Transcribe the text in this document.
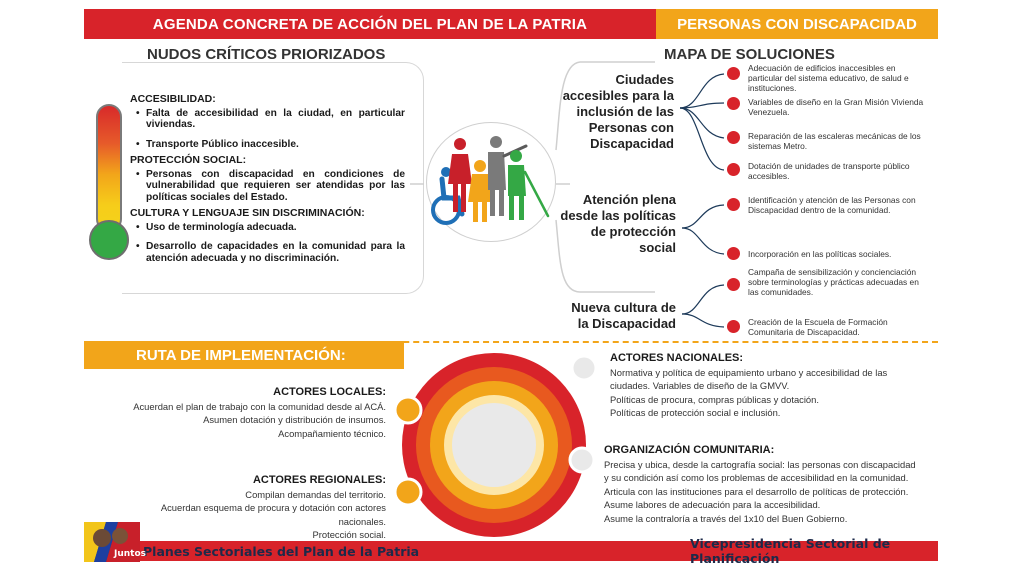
AGENDA CONCRETA DE ACCIÓN DEL PLAN DE LA PATRIA	PERSONAS CON DISCAPACIDAD
NUDOS CRÍTICOS PRIORIZADOS
ACCESIBILIDAD:
• Falta de accesibilidad en la ciudad, en particular viviendas.
• Transporte Público inaccesible.
PROTECCIÓN SOCIAL:
• Personas con discapacidad en condiciones de vulnerabilidad que requieren ser atendidas por las políticas sociales del Estado.
CULTURA Y LENGUAJE SIN DISCRIMINACIÓN:
• Uso de terminología adecuada.
• Desarrollo de capacidades en la comunidad para la atención adecuada y no discriminación.
MAPA DE SOLUCIONES
Ciudades
accesibles para la
inclusión de las
Personas con
Discapacidad
Atención plena
desde las políticas
de protección
social
Nueva cultura de
la Discapacidad
Adecuación de edificios inaccesibles en particular del sistema educativo, de salud e instituciones.
Variables de diseño en la Gran Misión Vivienda Venezuela.
Reparación de las escaleras mecánicas de los sistemas Metro.
Dotación de unidades de transporte público accesibles.
Identificación y atención de las Personas con Discapacidad dentro de la comunidad.
Incorporación en las políticas sociales.
Campaña de sensibilización y concienciación sobre terminologías y prácticas adecuadas en las comunidades.
Creación de la Escuela de Formación Comunitaria de Discapacidad.
RUTA DE IMPLEMENTACIÓN:
ACTORES LOCALES:
Acuerdan el plan de trabajo con la comunidad desde al ACÁ.
Asumen dotación y distribución de insumos.
Acompañamiento técnico.
ACTORES REGIONALES:
Compilan demandas del territorio.
Acuerdan esquema de procura y dotación con actores
nacionales.
Protección social.
ACTORES NACIONALES:
Normativa y política de equipamiento urbano y accesibilidad de las
ciudades. Variables de diseño de la GMVV.
Políticas de procura, compras públicas y dotación.
Políticas de protección social e inclusión.
ORGANIZACIÓN COMUNITARIA:
Precisa y ubica, desde la cartografía social: las personas con discapacidad
y su condición así como los problemas de accesibilidad en la comunidad.
Articula con las instituciones para el desarrollo de políticas de protección.
Asume labores de adecuación para la accesibilidad.
Asume la contraloría a través del 1x10 del Buen Gobierno.
Planes Sectoriales del Plan de la Patria	Vicepresidencia Sectorial de Planificación
Juntos
